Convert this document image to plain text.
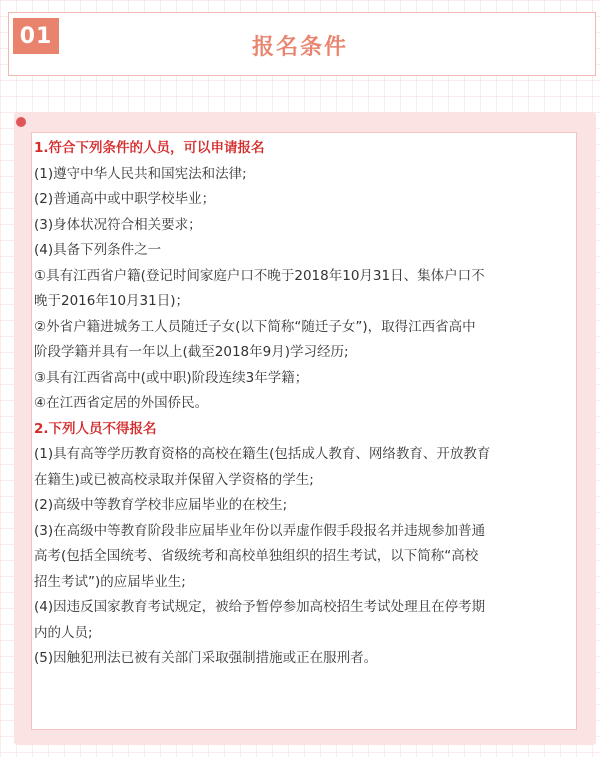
01	报名条件
1.符合下列条件的人员，可以申请报名
(1)遵守中华人民共和国宪法和法律;
(2)普通高中或中职学校毕业；
(3)身体状况符合相关要求；
(4)具备下列条件之一
①具有江西省户籍(登记时间家庭户口不晚于2018年10月31日、集体户口不
晚于2016年10月31日)；
②外省户籍进城务工人员随迁子女(以下简称“随迁子女”)，取得江西省高中
阶段学籍并具有一年以上(截至2018年9月)学习经历;
③具有江西省高中(或中职)阶段连续3年学籍；
④在江西省定居的外国侨民。
2.下列人员不得报名
(1)具有高等学历教育资格的高校在籍生(包括成人教育、网络教育、开放教育
在籍生)或已被高校录取并保留入学资格的学生;
(2)高级中等教育学校非应届毕业的在校生;
(3)在高级中等教育阶段非应届毕业年份以弄虚作假手段报名并违规参加普通
高考(包括全国统考、省级统考和高校单独组织的招生考试，以下简称“高校
招生考试”)的应届毕业生;
(4)因违反国家教育考试规定，被给予暂停参加高校招生考试处理且在停考期
内的人员;
(5)因触犯刑法已被有关部门采取强制措施或正在服刑者。
